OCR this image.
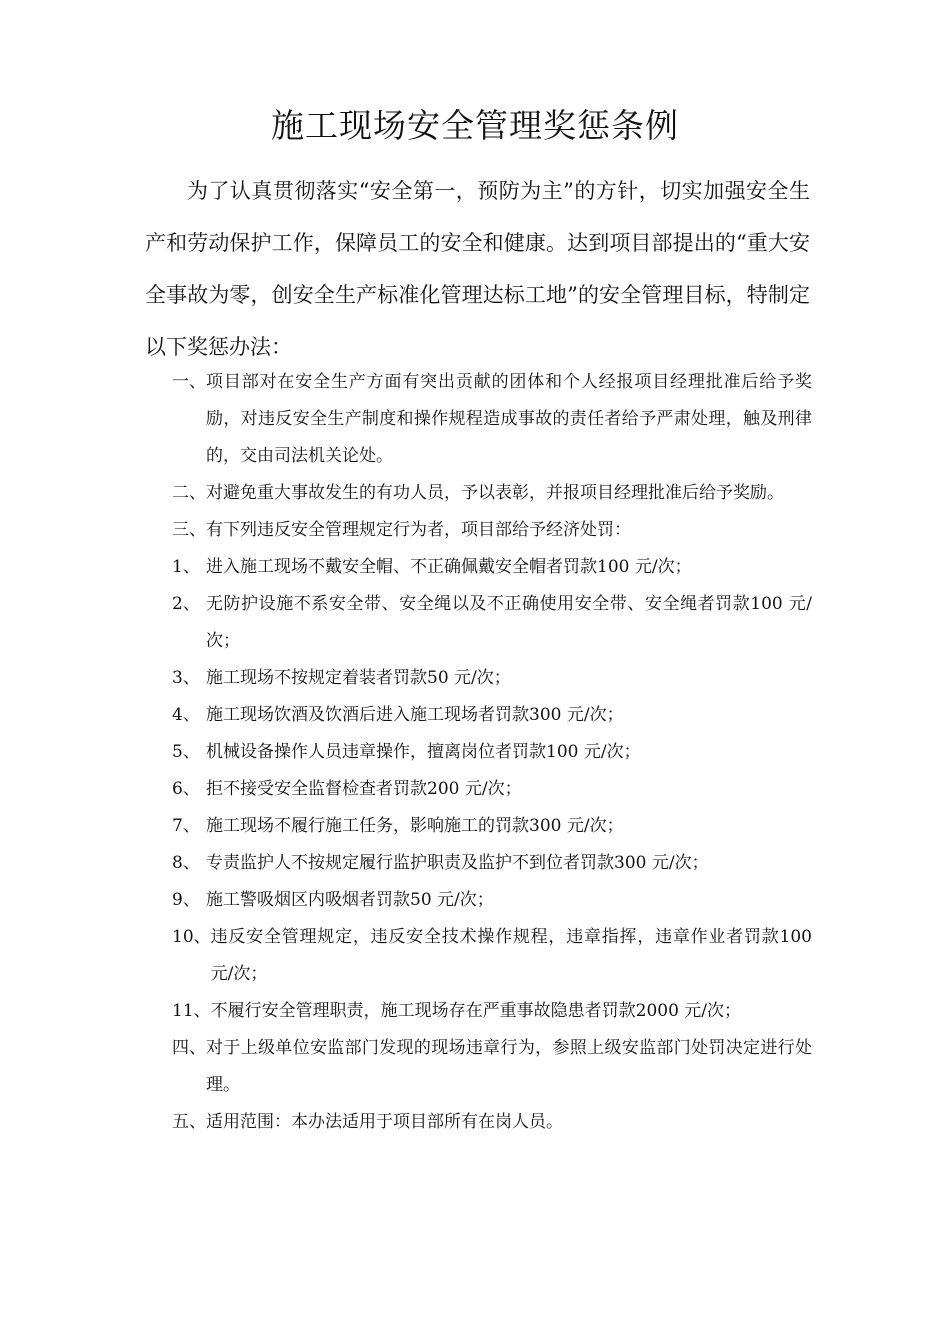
施工现场安全管理奖惩条例
为了认真贯彻落实“安全第一，预防为主”的方针，切实加强安全生产和劳动保护工作，保障员工的安全和健康。达到项目部提出的“重大安全事故为零，创安全生产标准化管理达标工地”的安全管理目标，特制定以下奖惩办法：
一、 项目部对在安全生产方面有突出贡献的团体和个人经报项目经理批准后给予奖励，对违反安全生产制度和操作规程造成事故的责任者给予严肃处理，触及刑律的，交由司法机关论处。
二、 对避免重大事故发生的有功人员，予以表彰，并报项目经理批准后给予奖励。
三、 有下列违反安全管理规定行为者，项目部给予经济处罚：
1、 进入施工现场不戴安全帽、不正确佩戴安全帽者罚款100 元/次；
2、 无防护设施不系安全带、安全绳以及不正确使用安全带、安全绳者罚款100 元/次；
3、 施工现场不按规定着装者罚款50 元/次；
4、 施工现场饮酒及饮酒后进入施工现场者罚款300 元/次；
5、 机械设备操作人员违章操作，擅离岗位者罚款100 元/次；
6、 拒不接受安全监督检查者罚款200 元/次；
7、 施工现场不履行施工任务，影响施工的罚款300 元/次；
8、 专责监护人不按规定履行监护职责及监护不到位者罚款300 元/次；
9、 施工警吸烟区内吸烟者罚款50 元/次；
10、 违反安全管理规定，违反安全技术操作规程，违章指挥，违章作业者罚款100 元/次；
11、 不履行安全管理职责，施工现场存在严重事故隐患者罚款2000 元/次；
四、 对于上级单位安监部门发现的现场违章行为，参照上级安监部门处罚决定进行处理。
五、 适用范围：本办法适用于项目部所有在岗人员。
